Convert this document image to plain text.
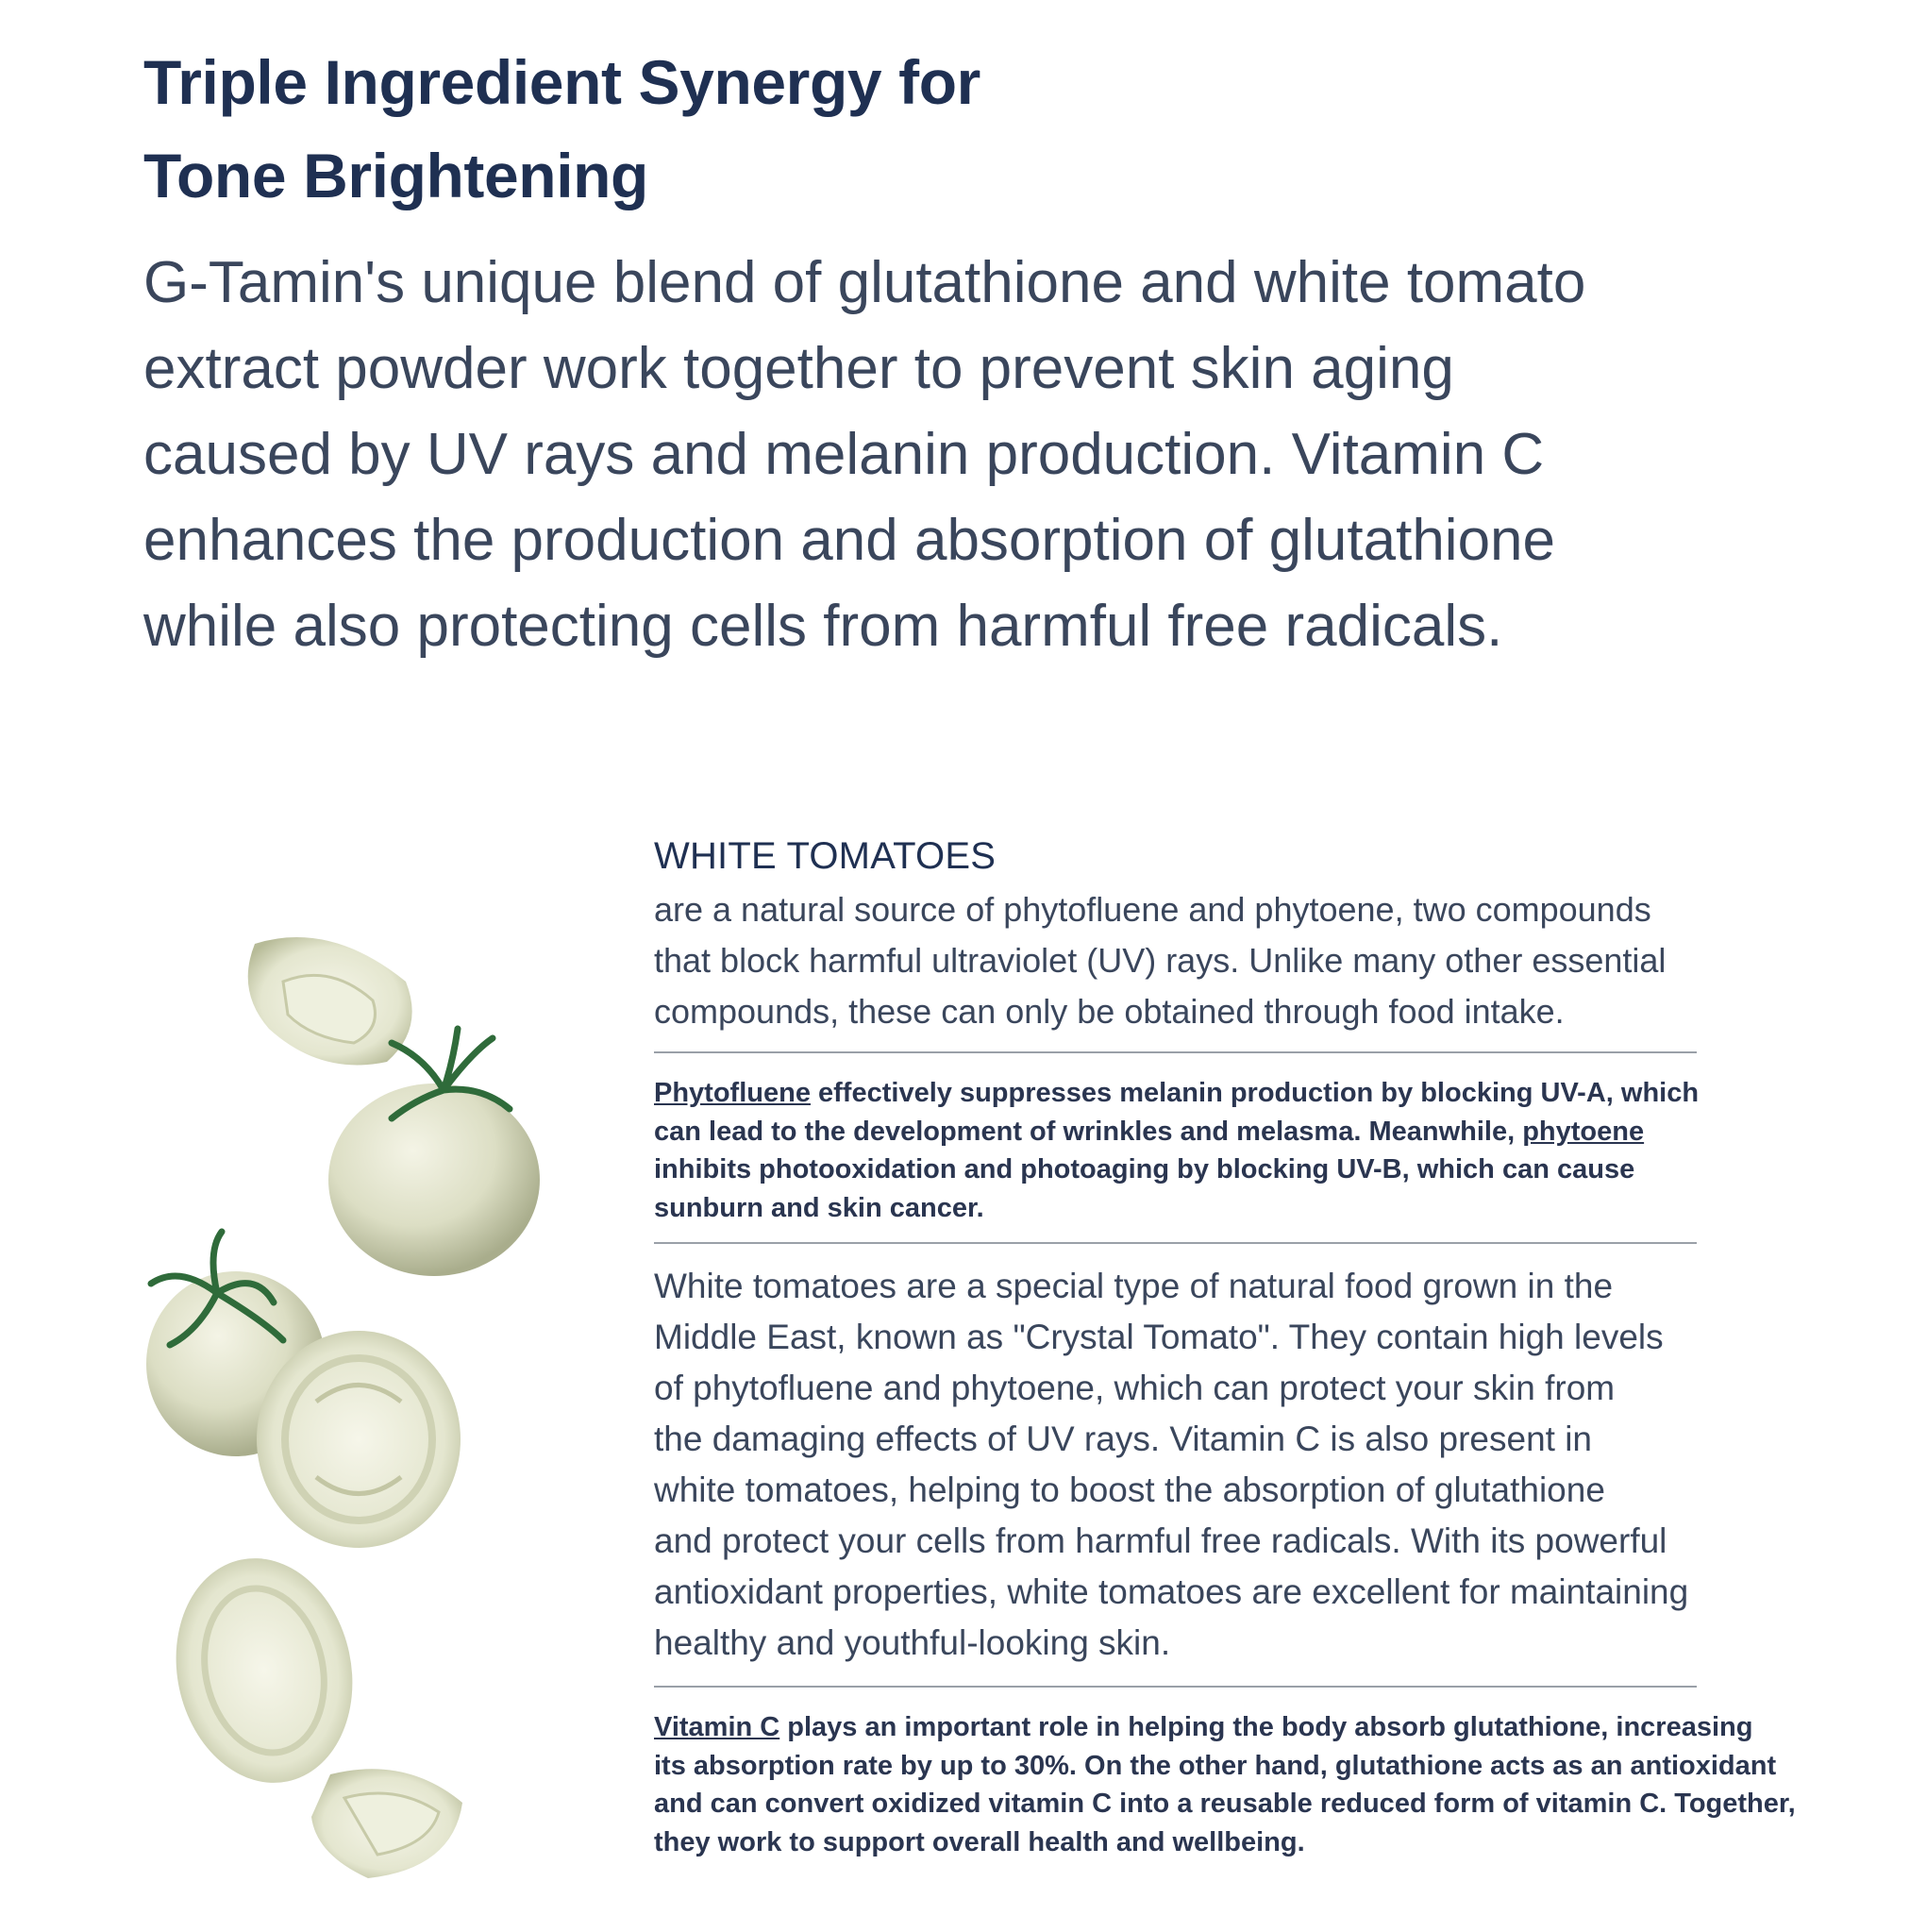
Triple Ingredient Synergy for
Tone Brightening

G-Tamin's unique blend of glutathione and white tomato
extract powder work together to prevent skin aging
caused by UV rays and melanin production. Vitamin C
enhances the production and absorption of glutathione
while also protecting cells from harmful free radicals.

WHITE TOMATOES
are a natural source of phytofluene and phytoene, two compounds
that block harmful ultraviolet (UV) rays. Unlike many other essential
compounds, these can only be obtained through food intake.
Phytofluene effectively suppresses melanin production by blocking UV-A, which
can lead to the development of wrinkles and melasma. Meanwhile, phytoene
inhibits photooxidation and photoaging by blocking UV-B, which can cause
sunburn and skin cancer.
White tomatoes are a special type of natural food grown in the
Middle East, known as "Crystal Tomato". They contain high levels
of phytofluene and phytoene, which can protect your skin from
the damaging effects of UV rays. Vitamin C is also present in
white tomatoes, helping to boost the absorption of glutathione
and protect your cells from harmful free radicals. With its powerful
antioxidant properties, white tomatoes are excellent for maintaining
healthy and youthful-looking skin.
Vitamin C plays an important role in helping the body absorb glutathione, increasing
its absorption rate by up to 30%. On the other hand, glutathione acts as an antioxidant
and can convert oxidized vitamin C into a reusable reduced form of vitamin C. Together,
they work to support overall health and wellbeing.
